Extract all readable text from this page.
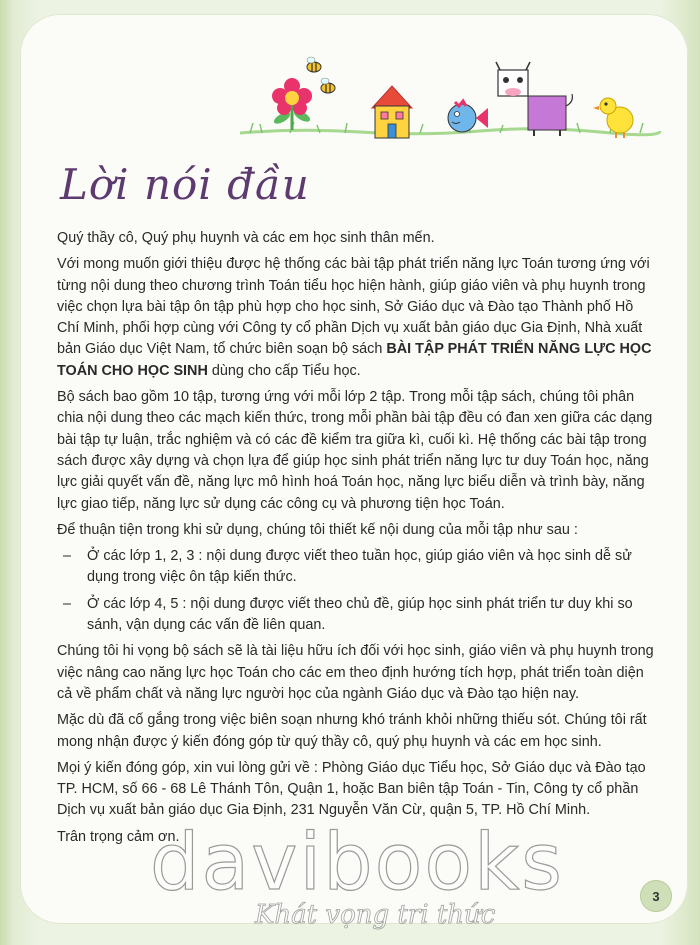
Lời nói đầu

Quý thầy cô, Quý phụ huynh và các em học sinh thân mến.

Với mong muốn giới thiệu được hệ thống các bài tập phát triển năng lực Toán tương ứng với từng nội dung theo chương trình Toán tiểu học hiện hành, giúp giáo viên và phụ huynh trong việc chọn lựa bài tập ôn tập phù hợp cho học sinh, Sở Giáo dục và Đào tạo Thành phố Hồ Chí Minh, phối hợp cùng với Công ty cổ phần Dịch vụ xuất bản giáo dục Gia Định, Nhà xuất bản Giáo dục Việt Nam, tổ chức biên soạn bộ sách BÀI TẬP PHÁT TRIỂN NĂNG LỰC HỌC TOÁN CHO HỌC SINH dùng cho cấp Tiểu học.

Bộ sách bao gồm 10 tập, tương ứng với mỗi lớp 2 tập. Trong mỗi tập sách, chúng tôi phân chia nội dung theo các mạch kiến thức, trong mỗi phần bài tập đều có đan xen giữa các dạng bài tập tự luận, trắc nghiệm và có các đề kiểm tra giữa kì, cuối kì. Hệ thống các bài tập trong sách được xây dựng và chọn lựa để giúp học sinh phát triển năng lực tư duy Toán học, năng lực giải quyết vấn đề, năng lực mô hình hoá Toán học, năng lực biểu diễn và trình bày, năng lực giao tiếp, năng lực sử dụng các công cụ và phương tiện học Toán.

Để thuận tiện trong khi sử dụng, chúng tôi thiết kế nội dung của mỗi tập như sau :

– Ở các lớp 1, 2, 3 : nội dung được viết theo tuần học, giúp giáo viên và học sinh dễ sử dụng trong việc ôn tập kiến thức.
– Ở các lớp 4, 5 : nội dung được viết theo chủ đề, giúp học sinh phát triển tư duy khi so sánh, vận dụng các vấn đề liên quan.

Chúng tôi hi vọng bộ sách sẽ là tài liệu hữu ích đối với học sinh, giáo viên và phụ huynh trong việc nâng cao năng lực học Toán cho các em theo định hướng tích hợp, phát triển toàn diện cả về phẩm chất và năng lực người học của ngành Giáo dục và Đào tạo hiện nay.

Mặc dù đã cố gắng trong việc biên soạn nhưng khó tránh khỏi những thiếu sót. Chúng tôi rất mong nhận được ý kiến đóng góp từ quý thầy cô, quý phụ huynh và các em học sinh.

Mọi ý kiến đóng góp, xin vui lòng gửi về : Phòng Giáo dục Tiểu học, Sở Giáo dục và Đào tạo TP. HCM, số 66 - 68 Lê Thánh Tôn, Quận 1, hoặc Ban biên tập Toán - Tin, Công ty cổ phần Dịch vụ xuất bản giáo dục Gia Định, 231 Nguyễn Văn Cừ, quận 5, TP. Hồ Chí Minh.

Trân trọng cảm ơn.

3

davibooks

Khát vọng tri thức
